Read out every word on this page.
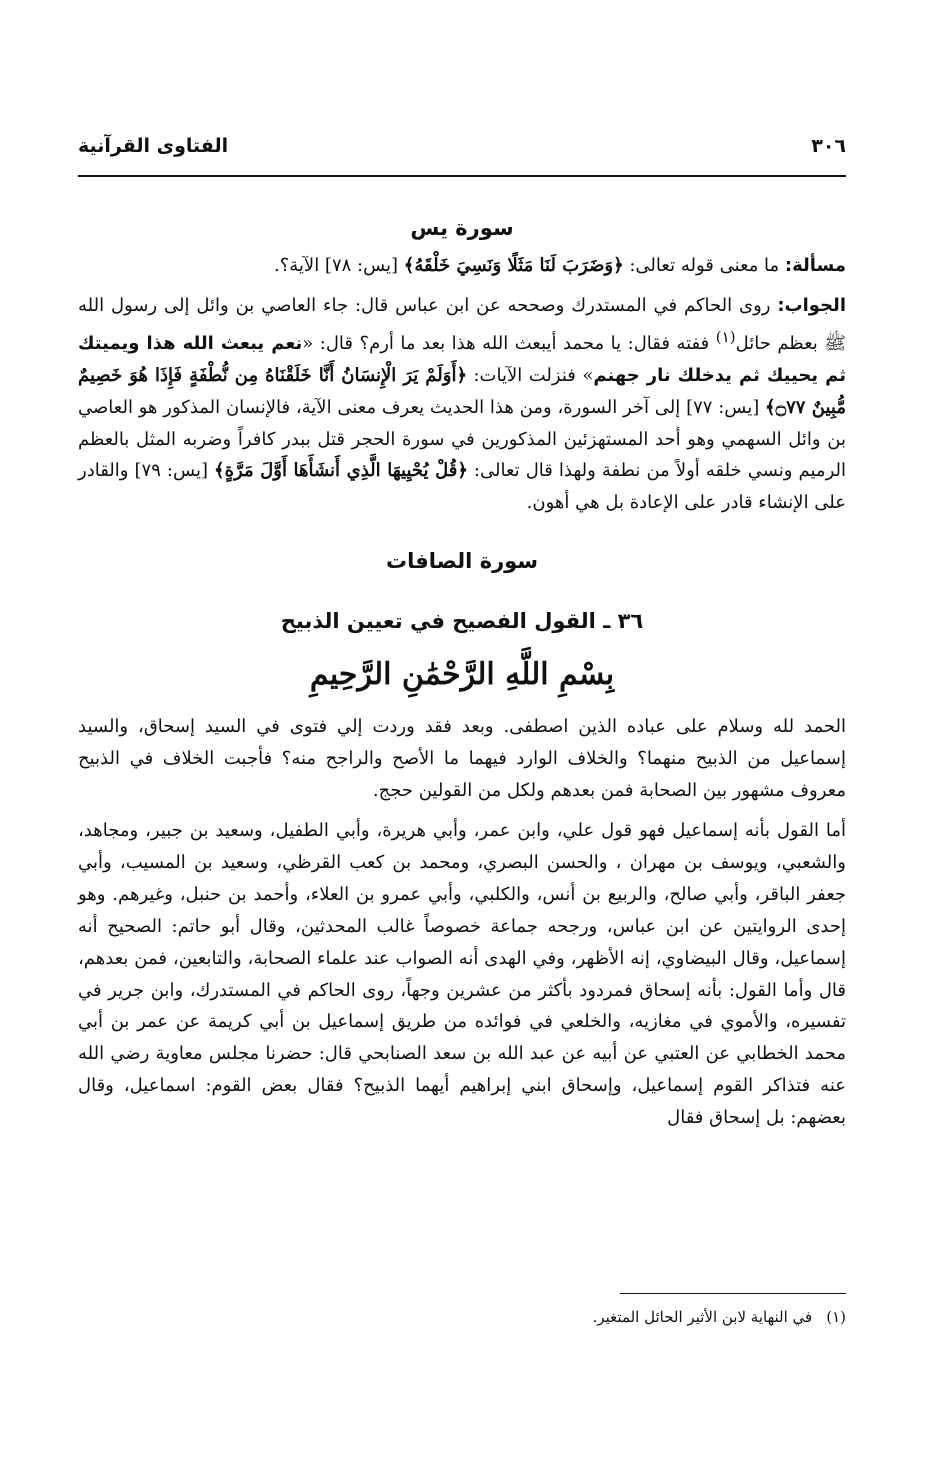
٣٠٦
الفتاوى القرآنية
سورة يس

مسألة: ما معنى قوله تعالى: ﴿وَضَرَبَ لَنَا مَثَلًا وَنَسِيَ خَلْقَهُ﴾ [يس: ٧٨] الآية؟.

الجواب: روى الحاكم في المستدرك وصححه عن ابن عباس قال: جاء العاصي بن وائل إلى رسول الله ﷺ بعظم حائل$^{(١)}$ ففته فقال: يا محمد أيبعث الله هذا بعد ما أرم؟ قال: «نعم يبعث الله هذا ويميتك ثم يحييك ثم يدخلك نار جهنم» فنزلت الآيات: ﴿أَوَلَمْ يَرَ الْإِنسَانُ أَنَّا خَلَقْنَاهُ مِن نُّطْفَةٍ فَإِذَا هُوَ خَصِيمٌ مُّبِينٌ ۝٧٧﴾ [يس: ٧٧] إلى آخر السورة، ومن هذا الحديث يعرف معنى الآية، فالإنسان المذكور هو العاصي بن وائل السهمي وهو أحد المستهزئين المذكورين في سورة الحجر قتل ببدر كافراً وضربه المثل بالعظم الرميم ونسي خلقه أولاً من نطفة ولهذا قال تعالى: ﴿قُلْ يُحْيِيهَا الَّذِي أَنشَأَهَا أَوَّلَ مَرَّةٍ﴾ [يس: ٧٩] والقادر على الإنشاء قادر على الإعادة بل هي أهون.

سورة الصافات
٣٦ ـ القول الفصيح في تعيين الذبيح
بِسْمِ اللَّهِ الرَّحْمَٰنِ الرَّحِيمِ

الحمد لله وسلام على عباده الذين اصطفى. وبعد فقد وردت إلي فتوى في السيد إسحاق، والسيد إسماعيل من الذبيح منهما؟ والخلاف الوارد فيهما ما الأصح والراجح منه؟ فأجبت الخلاف في الذبيح معروف مشهور بين الصحابة فمن بعدهم ولكل من القولين حجج.

أما القول بأنه إسماعيل فهو قول علي، وابن عمر، وأبي هريرة، وأبي الطفيل، وسعيد بن جبير، ومجاهد، والشعبي، ويوسف بن مهران ، والحسن البصري، ومحمد بن كعب القرظي، وسعيد بن المسيب، وأبي جعفر الباقر، وأبي صالح، والربيع بن أنس، والكلبي، وأبي عمرو بن العلاء، وأحمد بن حنبل، وغيرهم. وهو إحدى الروايتين عن ابن عباس، ورجحه جماعة خصوصاً غالب المحدثين، وقال أبو حاتم: الصحيح أنه إسماعيل، وقال البيضاوي، إنه الأظهر، وفي الهدى أنه الصواب عند علماء الصحابة، والتابعين، فمن بعدهم، قال وأما القول: بأنه إسحاق فمردود بأكثر من عشرين وجهاً، روى الحاكم في المستدرك، وابن جرير في تفسيره، والأموي في مغازيه، والخلعي في فوائده من طريق إسماعيل بن أبي كريمة عن عمر بن أبي محمد الخطابي عن العتبي عن أبيه عن عبد الله بن سعد الصنابحي قال: حضرنا مجلس معاوية رضي الله عنه فتذاكر القوم إسماعيل، وإسحاق ابني إبراهيم أيهما الذبيح؟ فقال بعض القوم: اسماعيل، وقال بعضهم: بل إسحاق فقال

(١)في النهاية لابن الأثير الحائل المتغير.
